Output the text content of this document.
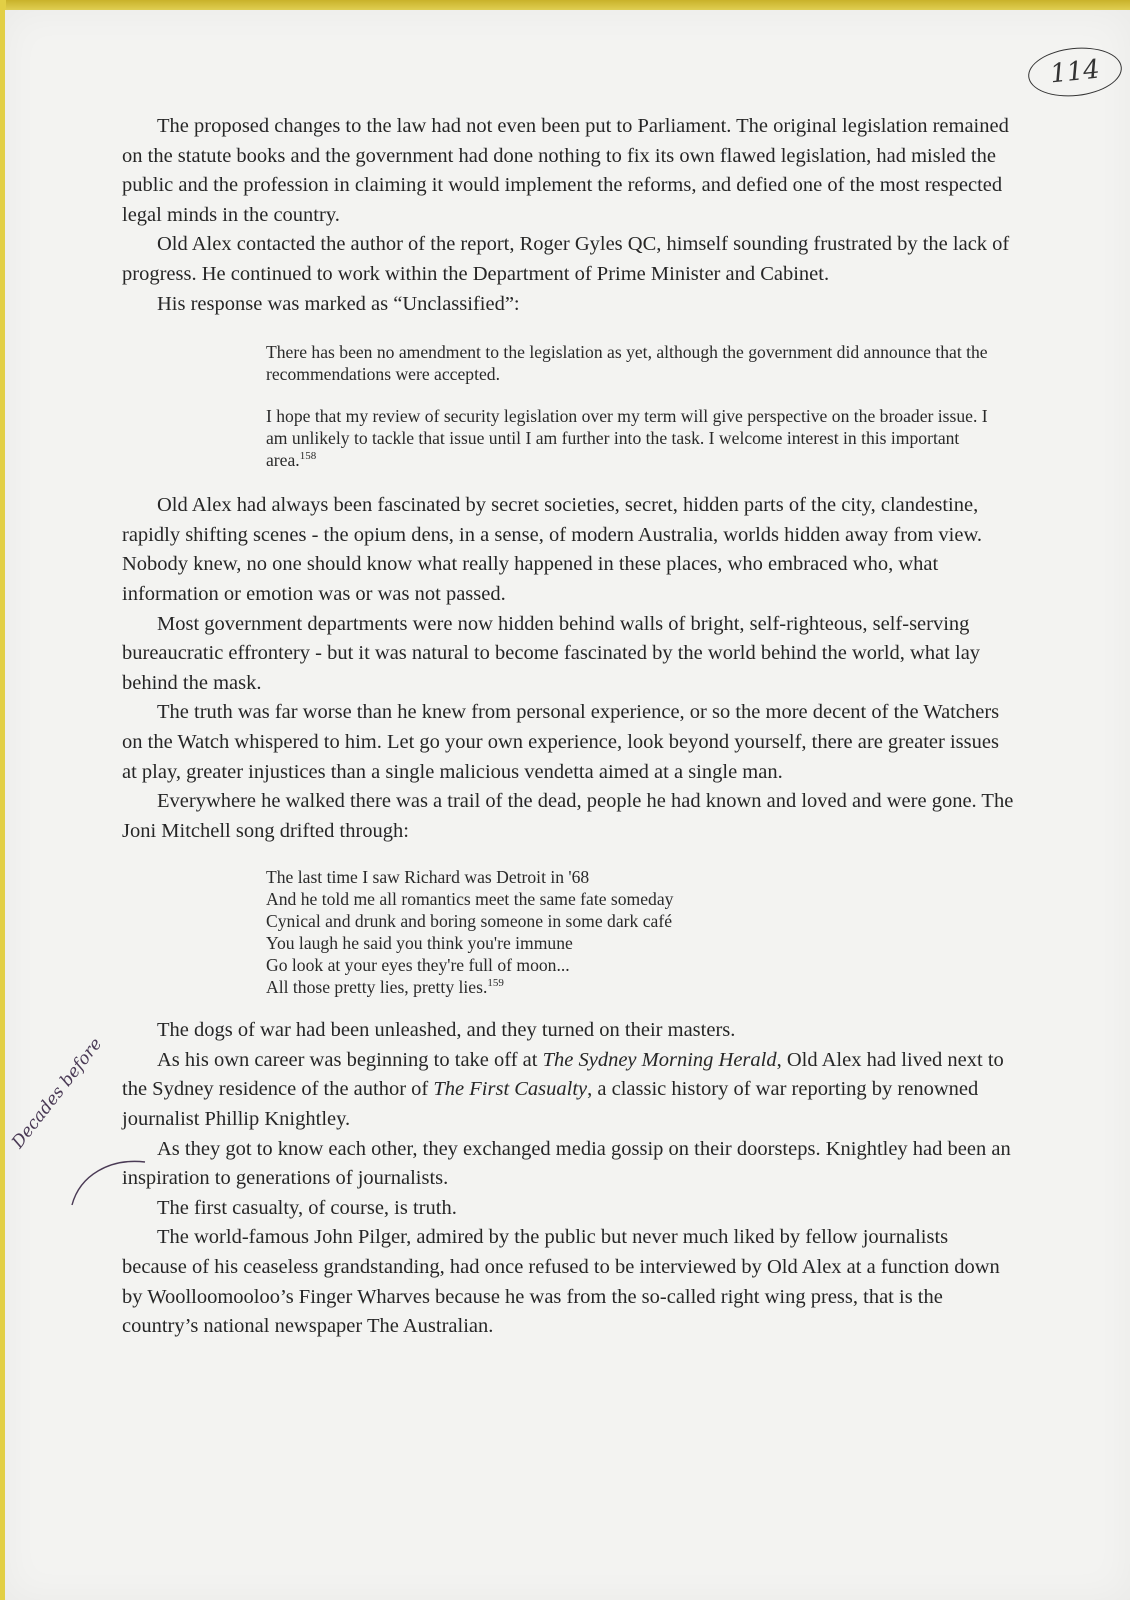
114

The proposed changes to the law had not even been put to Parliament. The original legislation remained on the statute books and the government had done nothing to fix its own flawed legislation, had misled the public and the profession in claiming it would implement the reforms, and defied one of the most respected legal minds in the country.

Old Alex contacted the author of the report, Roger Gyles QC, himself sounding frustrated by the lack of progress. He continued to work within the Department of Prime Minister and Cabinet.

His response was marked as “Unclassified”:

There has been no amendment to the legislation as yet, although the government did announce that the recommendations were accepted.

I hope that my review of security legislation over my term will give perspective on the broader issue. I am unlikely to tackle that issue until I am further into the task. I welcome interest in this important area.$^{158}$

Old Alex had always been fascinated by secret societies, secret, hidden parts of the city, clandestine, rapidly shifting scenes - the opium dens, in a sense, of modern Australia, worlds hidden away from view. Nobody knew, no one should know what really happened in these places, who embraced who, what information or emotion was or was not passed.

Most government departments were now hidden behind walls of bright, self-righteous, self-serving bureaucratic effrontery - but it was natural to become fascinated by the world behind the world, what lay behind the mask.

The truth was far worse than he knew from personal experience, or so the more decent of the Watchers on the Watch whispered to him. Let go your own experience, look beyond yourself, there are greater issues at play, greater injustices than a single malicious vendetta aimed at a single man.

Everywhere he walked there was a trail of the dead, people he had known and loved and were gone. The Joni Mitchell song drifted through:

The last time I saw Richard was Detroit in '68
And he told me all romantics meet the same fate someday
Cynical and drunk and boring someone in some dark café
You laugh he said you think you're immune
Go look at your eyes they're full of moon...
All those pretty lies, pretty lies.$^{159}$

The dogs of war had been unleashed, and they turned on their masters.

As his own career was beginning to take off at The Sydney Morning Herald, Old Alex had lived next to the Sydney residence of the author of The First Casualty, a classic history of war reporting by renowned journalist Phillip Knightley.

As they got to know each other, they exchanged media gossip on their doorsteps. Knightley had been an inspiration to generations of journalists.

The first casualty, of course, is truth.

The world-famous John Pilger, admired by the public but never much liked by fellow journalists because of his ceaseless grandstanding, had once refused to be interviewed by Old Alex at a function down by Woolloomooloo’s Finger Wharves because he was from the so-called right wing press, that is the country’s national newspaper The Australian.

Decades before
